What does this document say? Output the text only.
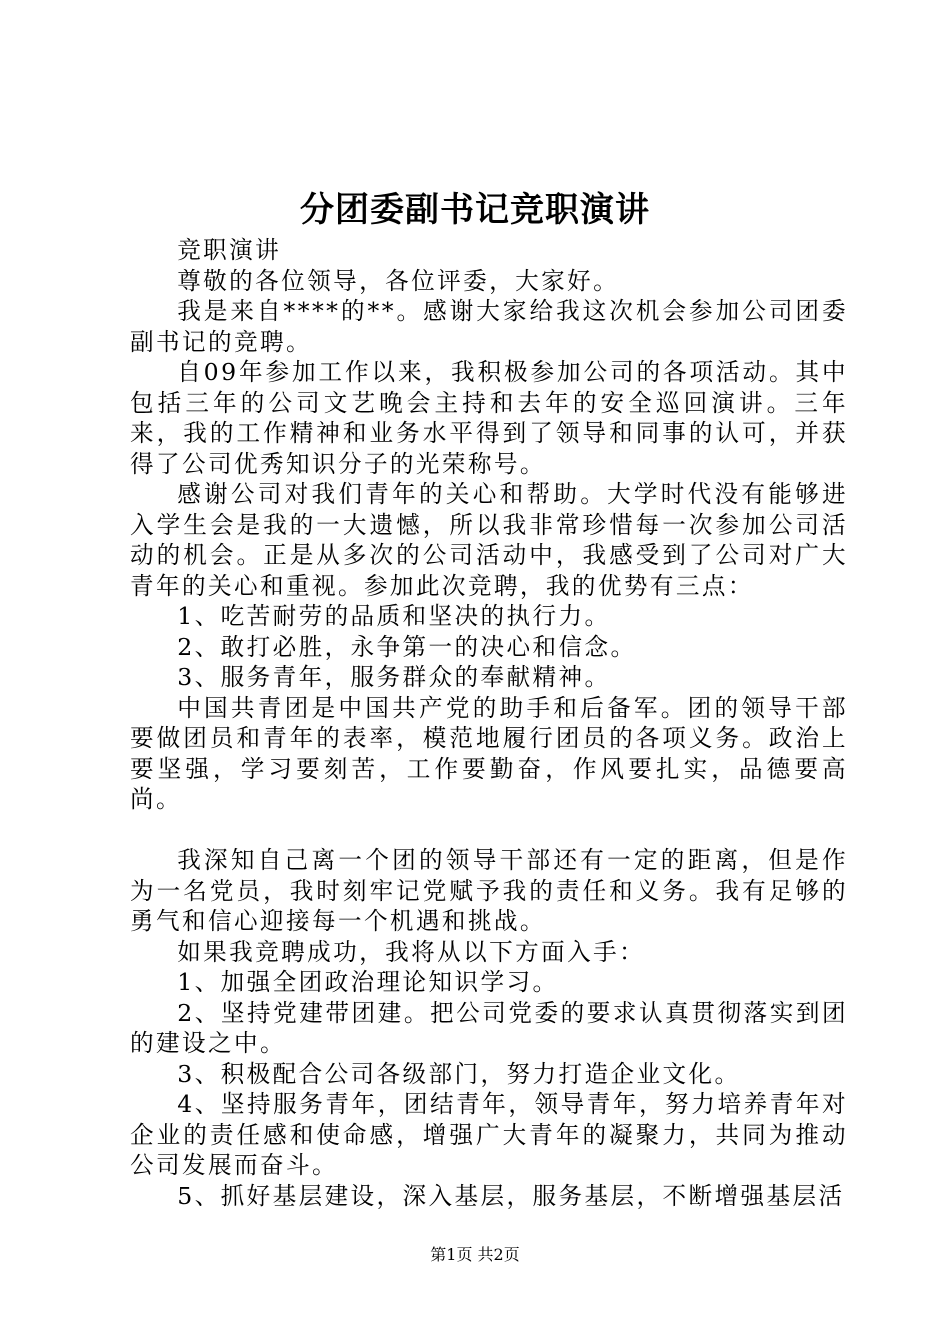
分团委副书记竞职演讲

竞职演讲

尊敬的各位领导，各位评委，大家好。

我是来自****的**。感谢大家给我这次机会参加公司团委副书记的竞聘。

自09年参加工作以来，我积极参加公司的各项活动。其中包括三年的公司文艺晚会主持和去年的安全巡回演讲。三年来，我的工作精神和业务水平得到了领导和同事的认可，并获得了公司优秀知识分子的光荣称号。

感谢公司对我们青年的关心和帮助。大学时代没有能够进入学生会是我的一大遗憾，所以我非常珍惜每一次参加公司活动的机会。正是从多次的公司活动中，我感受到了公司对广大青年的关心和重视。参加此次竞聘，我的优势有三点：

1、吃苦耐劳的品质和坚决的执行力。

2、敢打必胜，永争第一的决心和信念。

3、服务青年，服务群众的奉献精神。

中国共青团是中国共产党的助手和后备军。团的领导干部要做团员和青年的表率，模范地履行团员的各项义务。政治上要坚强，学习要刻苦，工作要勤奋，作风要扎实，品德要高尚。

我深知自己离一个团的领导干部还有一定的距离，但是作为一名党员，我时刻牢记党赋予我的责任和义务。我有足够的勇气和信心迎接每一个机遇和挑战。

如果我竞聘成功，我将从以下方面入手：

1、加强全团政治理论知识学习。

2、坚持党建带团建。把公司党委的要求认真贯彻落实到团的建设之中。

3、积极配合公司各级部门，努力打造企业文化。

4、坚持服务青年，团结青年，领导青年，努力培养青年对企业的责任感和使命感，增强广大青年的凝聚力，共同为推动公司发展而奋斗。

5、抓好基层建设，深入基层，服务基层，不断增强基层活

第1页 共2页
